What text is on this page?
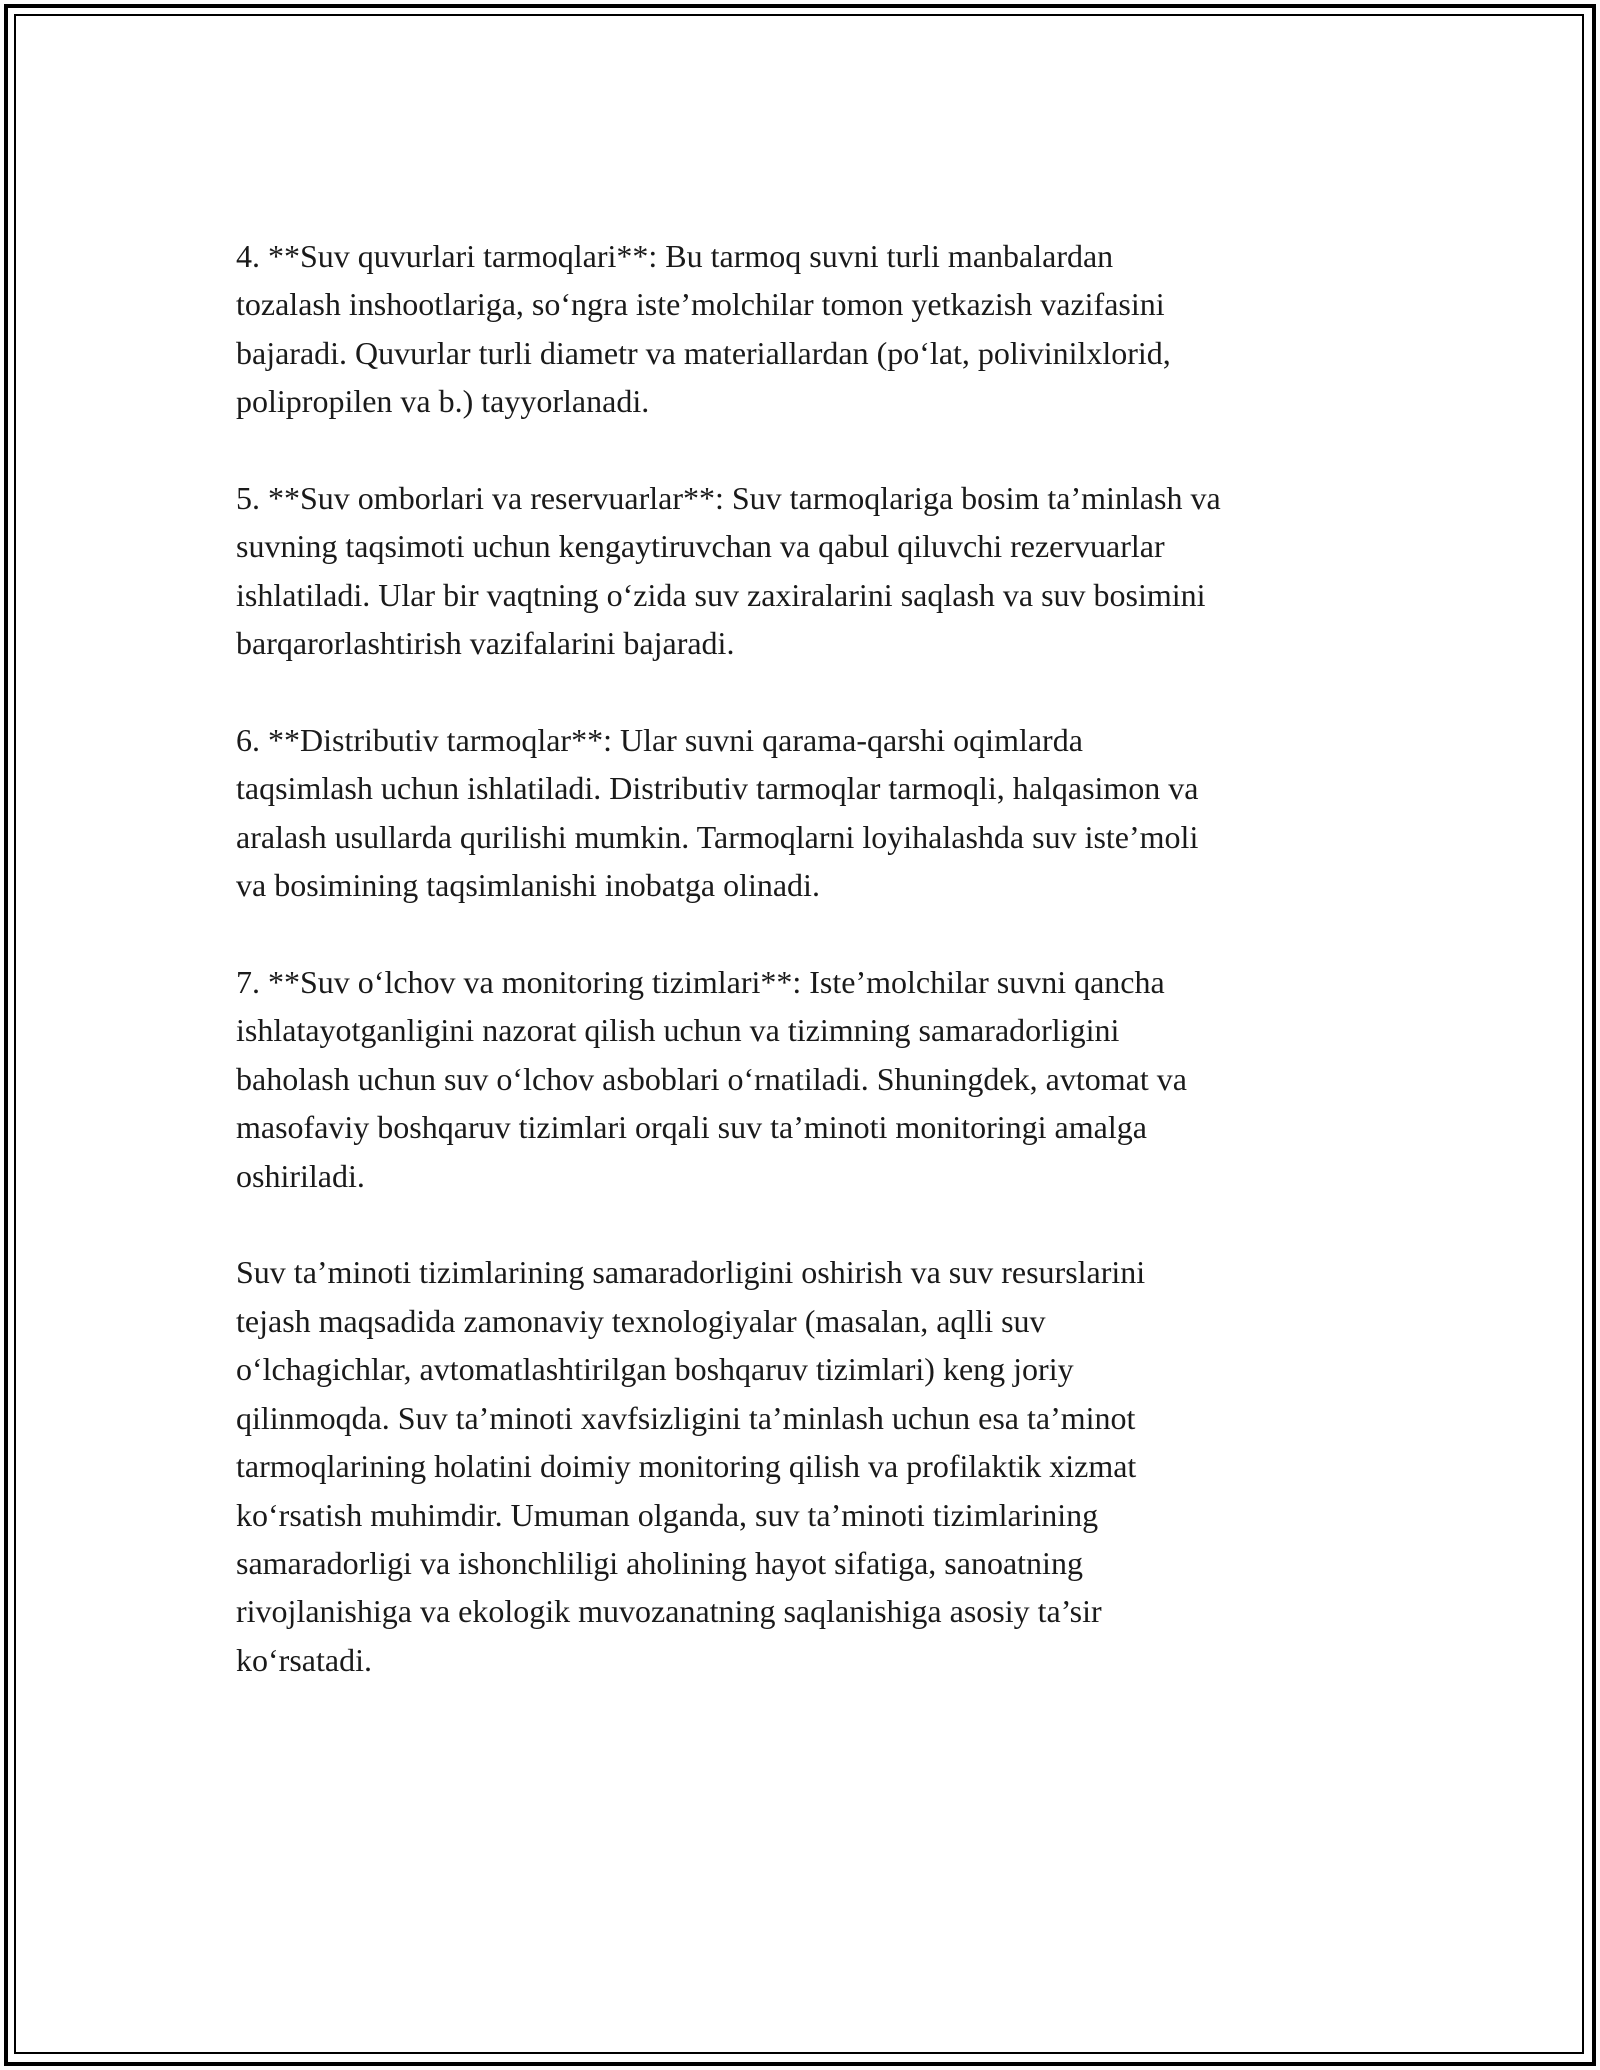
4. **Suv quvurlari tarmoqlari**: Bu tarmoq suvni turli manbalardan
tozalash inshootlariga, so‘ngra iste’molchilar tomon yetkazish vazifasini
bajaradi. Quvurlar turli diametr va materiallardan (po‘lat, polivinilxlorid,
polipropilen va b.) tayyorlanadi.

5. **Suv omborlari va reservuarlar**: Suv tarmoqlariga bosim ta’minlash va
suvning taqsimoti uchun kengaytiruvchan va qabul qiluvchi rezervuarlar
ishlatiladi. Ular bir vaqtning o‘zida suv zaxiralarini saqlash va suv bosimini
barqarorlashtirish vazifalarini bajaradi.

6. **Distributiv tarmoqlar**: Ular suvni qarama-qarshi oqimlarda
taqsimlash uchun ishlatiladi. Distributiv tarmoqlar tarmoqli, halqasimon va
aralash usullarda qurilishi mumkin. Tarmoqlarni loyihalashda suv iste’moli
va bosimining taqsimlanishi inobatga olinadi.

7. **Suv o‘lchov va monitoring tizimlari**: Iste’molchilar suvni qancha
ishlatayotganligini nazorat qilish uchun va tizimning samaradorligini
baholash uchun suv o‘lchov asboblari o‘rnatiladi. Shuningdek, avtomat va
masofaviy boshqaruv tizimlari orqali suv ta’minoti monitoringi amalga
oshiriladi.

Suv ta’minoti tizimlarining samaradorligini oshirish va suv resurslarini
tejash maqsadida zamonaviy texnologiyalar (masalan, aqlli suv
o‘lchagichlar, avtomatlashtirilgan boshqaruv tizimlari) keng joriy
qilinmoqda. Suv ta’minoti xavfsizligini ta’minlash uchun esa ta’minot
tarmoqlarining holatini doimiy monitoring qilish va profilaktik xizmat
ko‘rsatish muhimdir. Umuman olganda, suv ta’minoti tizimlarining
samaradorligi va ishonchliligi aholining hayot sifatiga, sanoatning
rivojlanishiga va ekologik muvozanatning saqlanishiga asosiy ta’sir
ko‘rsatadi.
